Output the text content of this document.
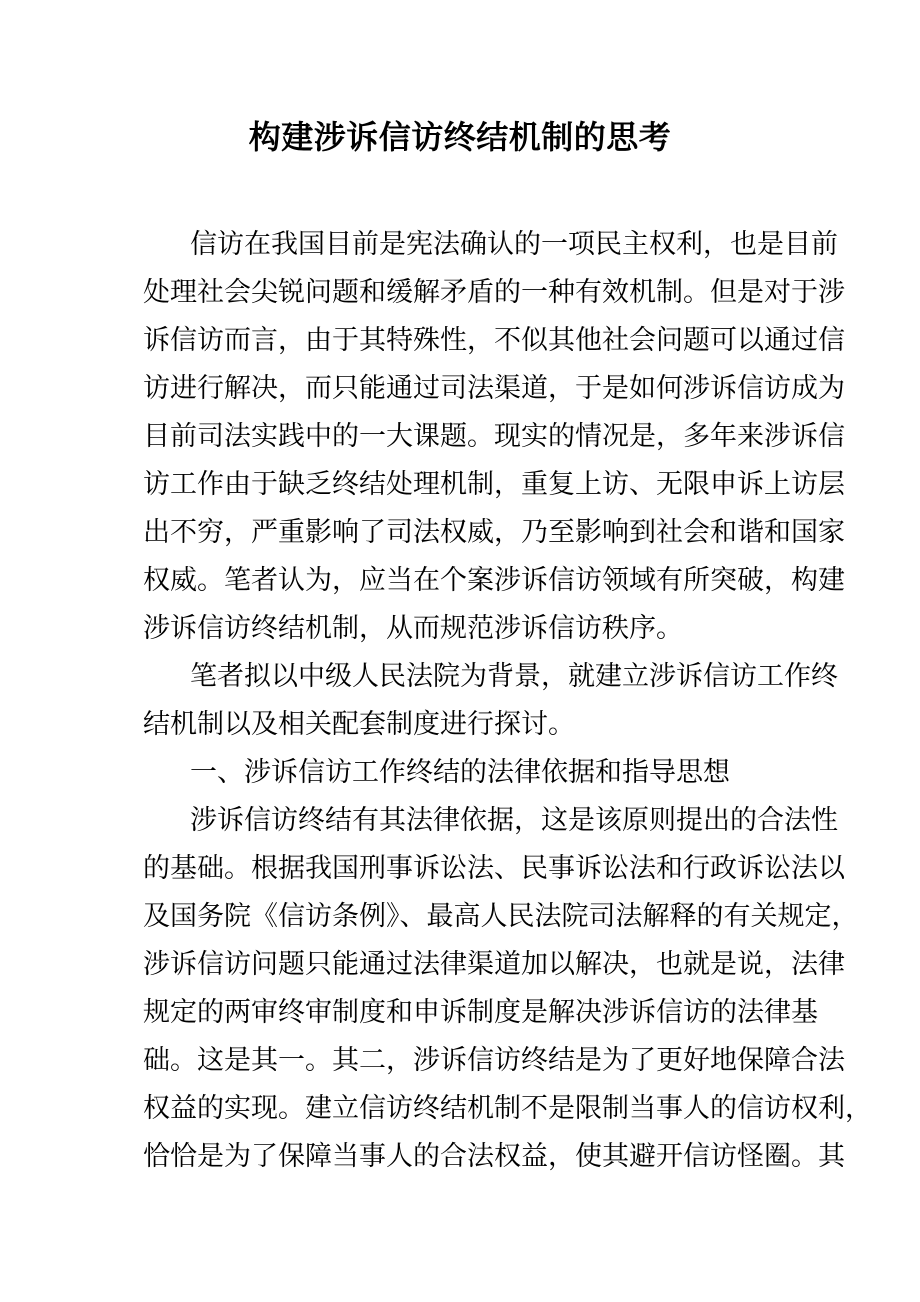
构建涉诉信访终结机制的思考
信访在我国目前是宪法确认的一项民主权利，也是目前
处理社会尖锐问题和缓解矛盾的一种有效机制。但是对于涉
诉信访而言，由于其特殊性，不似其他社会问题可以通过信
访进行解决，而只能通过司法渠道，于是如何涉诉信访成为
目前司法实践中的一大课题。现实的情况是，多年来涉诉信
访工作由于缺乏终结处理机制，重复上访、无限申诉上访层
出不穷，严重影响了司法权威，乃至影响到社会和谐和国家
权威。笔者认为，应当在个案涉诉信访领域有所突破，构建
涉诉信访终结机制，从而规范涉诉信访秩序。
笔者拟以中级人民法院为背景，就建立涉诉信访工作终
结机制以及相关配套制度进行探讨。
一、涉诉信访工作终结的法律依据和指导思想
涉诉信访终结有其法律依据，这是该原则提出的合法性
的基础。根据我国刑事诉讼法、民事诉讼法和行政诉讼法以
及国务院《信访条例》、最高人民法院司法解释的有关规定，
涉诉信访问题只能通过法律渠道加以解决，也就是说，法律
规定的两审终审制度和申诉制度是解决涉诉信访的法律基
础。这是其一。其二，涉诉信访终结是为了更好地保障合法
权益的实现。建立信访终结机制不是限制当事人的信访权利，
恰恰是为了保障当事人的合法权益，使其避开信访怪圈。其
